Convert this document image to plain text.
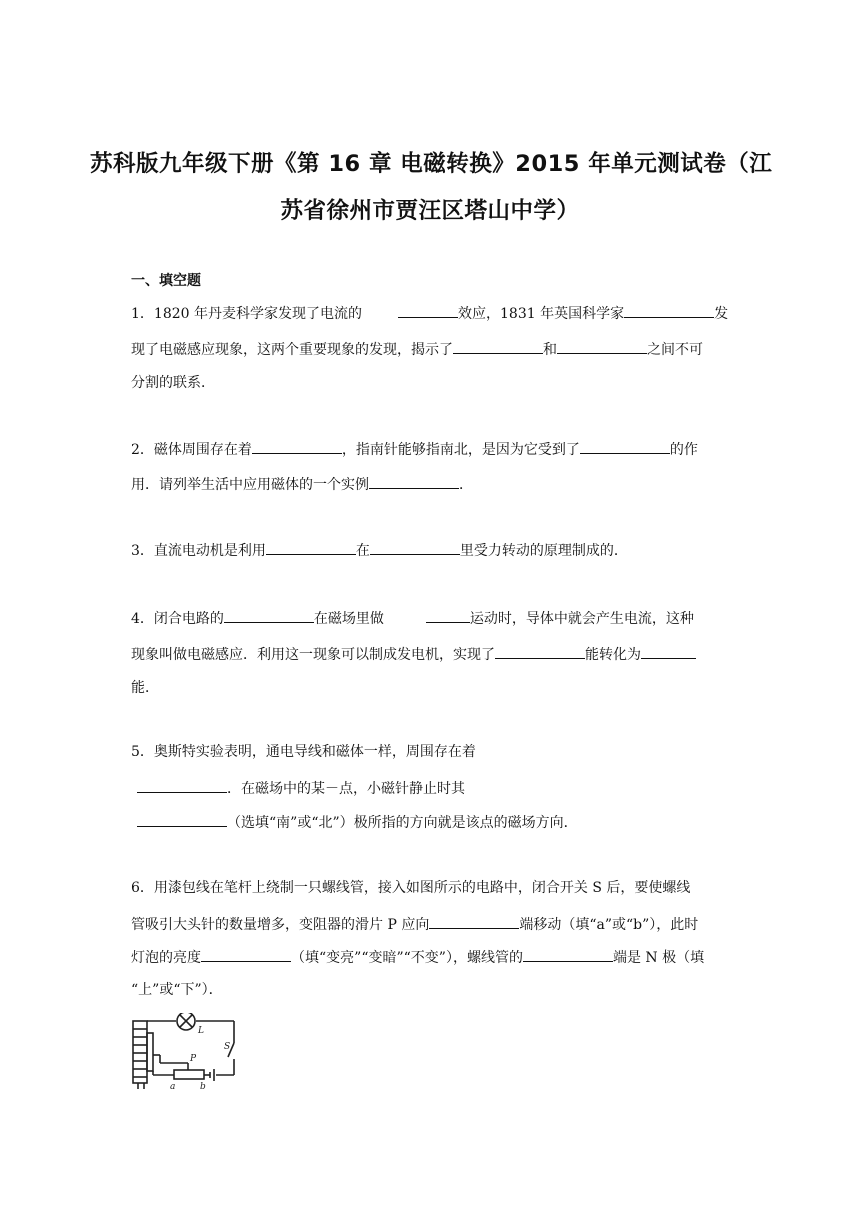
苏科版九年级下册《第 16 章 电磁转换》2015 年单元测试卷（江
苏省徐州市贾汪区塔山中学）
一、填空题
1．1820 年丹麦科学家发现了电流的	效应，1831 年英国科学家	发
现了电磁感应现象，这两个重要现象的发现，揭示了	和	之间不可
分割的联系．
2．磁体周围存在着	，指南针能够指南北，是因为它受到了	的作
用．请列举生活中应用磁体的一个实例	．
3．直流电动机是利用	在	里受力转动的原理制成的．
4．闭合电路的	在磁场里做	运动时，导体中就会产生电流，这种
现象叫做电磁感应．利用这一现象可以制成发电机，实现了	能转化为
能．
5．奥斯特实验表明，通电导线和磁体一样，周围存在着
．在磁场中的某－点，小磁针静止时其
（选填“南”或“北”）极所指的方向就是该点的磁场方向．
6．用漆包线在笔杆上绕制一只螺线管，接入如图所示的电路中，闭合开关 S 后，要使螺线
管吸引大头针的数量增多，变阻器的滑片 P 应向	端移动（填“a”或“b”），此时
灯泡的亮度	（填“变亮”“变暗”“不变”），螺线管的	端是 N 极（填
“上”或“下”）．
L
S
P
a	b
